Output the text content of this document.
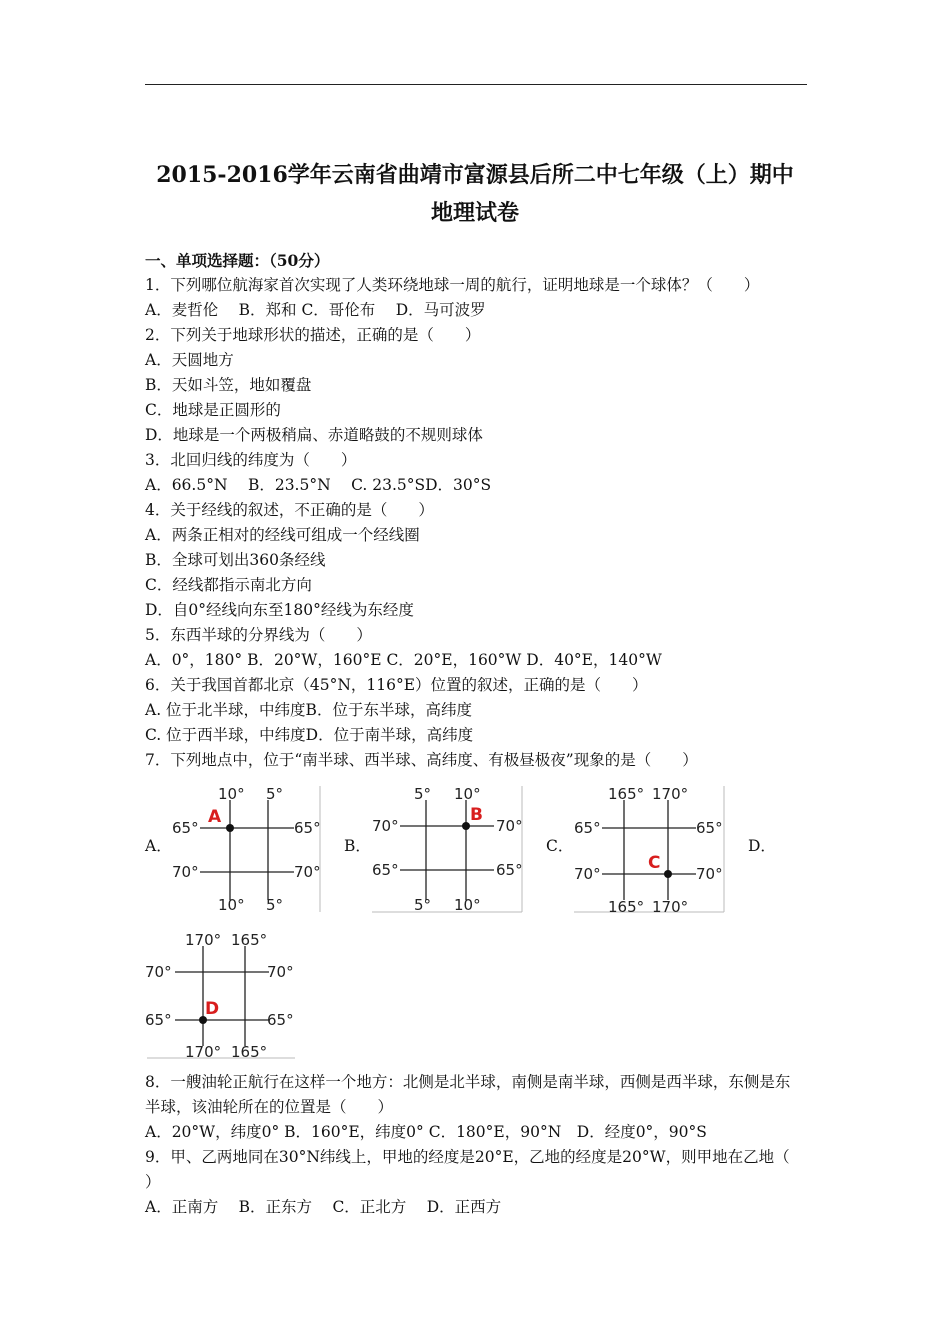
2015-2016学年云南省曲靖市富源县后所二中七年级（上）期中
地理试卷
一、单项选择题：（50分）
1．下列哪位航海家首次实现了人类环绕地球一周的航行，证明地球是一个球体？（　　）
A．麦哲伦　 B．郑和 C．哥伦布　 D．马可波罗
2．下列关于地球形状的描述，正确的是（　　）
A．天圆地方
B．天如斗笠，地如覆盘
C．地球是正圆形的
D．地球是一个两极稍扁、赤道略鼓的不规则球体
3．北回归线的纬度为（　　）
A．66.5°N　 B．23.5°N　 C. 23.5°SD．30°S
4．关于经线的叙述，不正确的是（　　）
A．两条正相对的经线可组成一个经线圈
B．全球可划出360条经线
C．经线都指示南北方向
D．自0°经线向东至180°经线为东经度
5．东西半球的分界线为（　　）
A．0°，180° B．20°W，160°E C．20°E，160°W D．40°E，140°W
6．关于我国首都北京（45°N，116°E）位置的叙述，正确的是（　　）
A. 位于北半球，中纬度B．位于东半球，高纬度
C. 位于西半球，中纬度D．位于南半球，高纬度
7．下列地点中，位于“南半球、西半球、高纬度、有极昼极夜”现象的是（　　）
A．	B．	C．	D．
10° 5°
10° 5°
65°
70°
65°
70°
A
5° 10°
5° 10°
70°
65°
70°
65°
B
165° 170°
165° 170°
65°
70°
65°
70°
C
170° 165°
170° 165°
70°
65°
70°
65°
D
8．一艘油轮正航行在这样一个地方：北侧是北半球，南侧是南半球，西侧是西半球，东侧是东
半球，该油轮所在的位置是（　　）
A．20°W，纬度0° B．160°E，纬度0° C．180°E，90°N　D．经度0°，90°S
9．甲、乙两地同在30°N纬线上，甲地的经度是20°E，乙地的经度是20°W，则甲地在乙地（
）
A．正南方　 B．正东方　 C．正北方　 D．正西方
